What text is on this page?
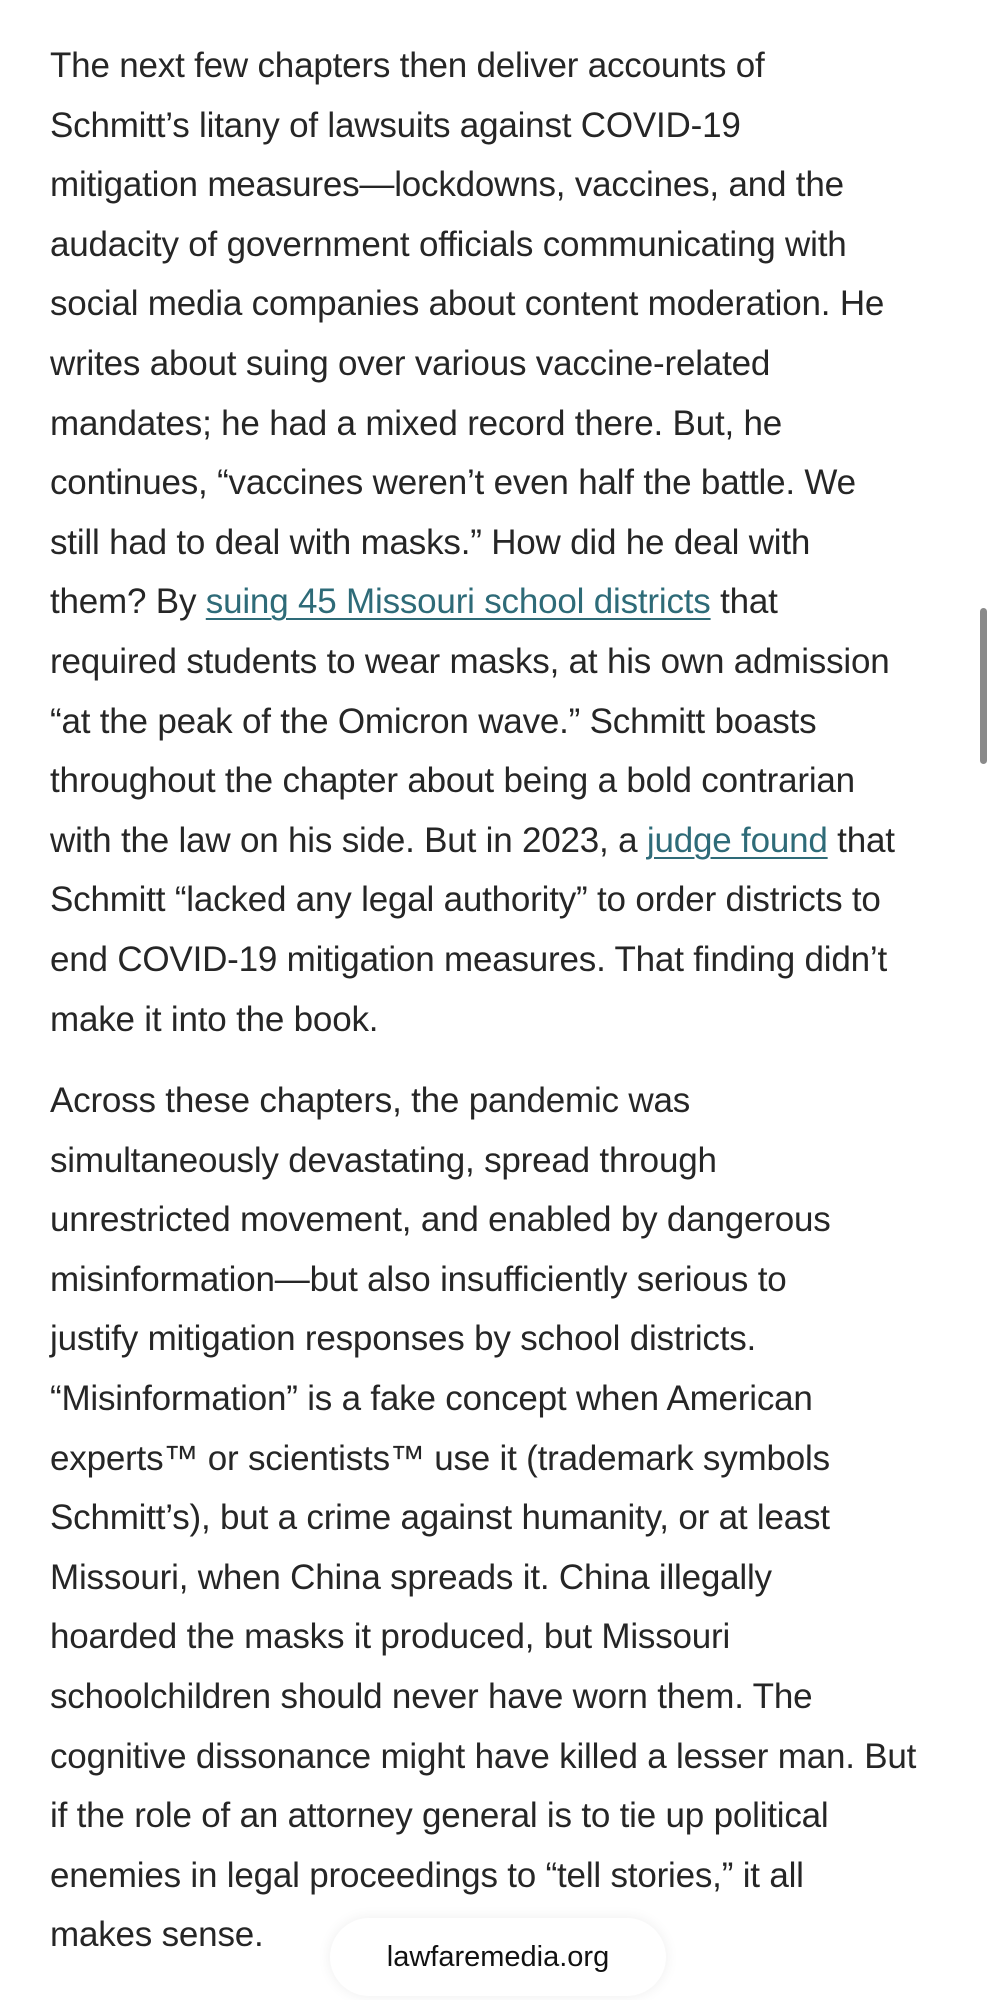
The next few chapters then deliver accounts of
Schmitt’s litany of lawsuits against COVID-19
mitigation measures—lockdowns, vaccines, and the
audacity of government officials communicating with
social media companies about content moderation. He
writes about suing over various vaccine-related
mandates; he had a mixed record there. But, he
continues, “vaccines weren’t even half the battle. We
still had to deal with masks.” How did he deal with
them? By suing 45 Missouri school districts that
required students to wear masks, at his own admission
“at the peak of the Omicron wave.” Schmitt boasts
throughout the chapter about being a bold contrarian
with the law on his side. But in 2023, a judge found that
Schmitt “lacked any legal authority” to order districts to
end COVID-19 mitigation measures. That finding didn’t
make it into the book.

Across these chapters, the pandemic was
simultaneously devastating, spread through
unrestricted movement, and enabled by dangerous
misinformation—but also insufficiently serious to
justify mitigation responses by school districts.
“Misinformation” is a fake concept when American
experts™ or scientists™ use it (trademark symbols
Schmitt’s), but a crime against humanity, or at least
Missouri, when China spreads it. China illegally
hoarded the masks it produced, but Missouri
schoolchildren should never have worn them. The
cognitive dissonance might have killed a lesser man. But
if the role of an attorney general is to tie up political
enemies in legal proceedings to “tell stories,” it all
makes sense.

lawfaremedia.org
